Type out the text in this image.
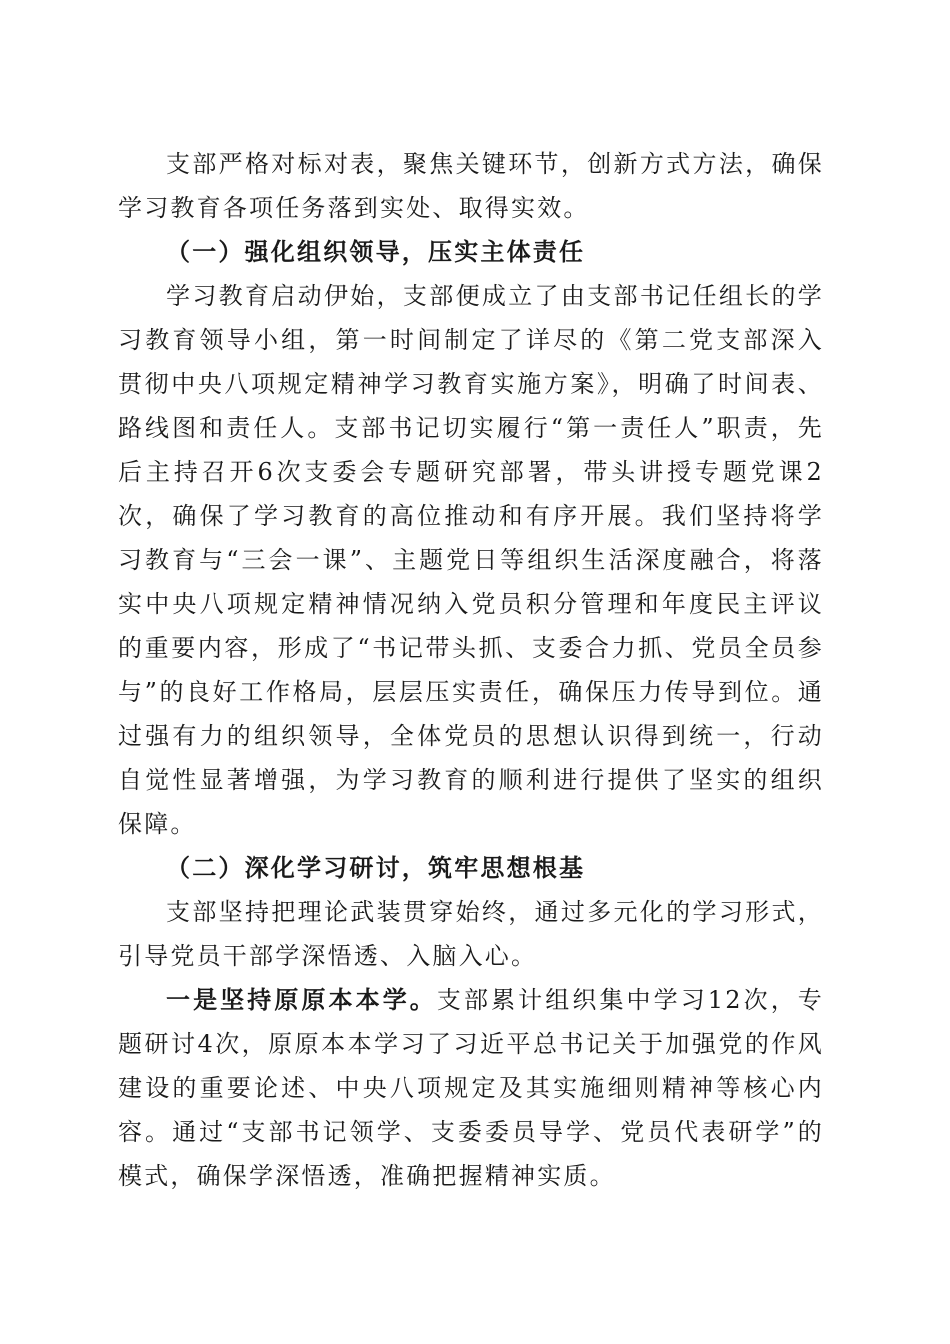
支部严格对标对表，聚焦关键环节，创新方式方法，确保学习教育各项任务落到实处、取得实效。

（一）强化组织领导，压实主体责任

学习教育启动伊始，支部便成立了由支部书记任组长的学习教育领导小组，第一时间制定了详尽的《第二党支部深入贯彻中央八项规定精神学习教育实施方案》，明确了时间表、路线图和责任人。支部书记切实履行“第一责任人”职责，先后主持召开6次支委会专题研究部署，带头讲授专题党课2次，确保了学习教育的高位推动和有序开展。我们坚持将学习教育与“三会一课”、主题党日等组织生活深度融合，将落实中央八项规定精神情况纳入党员积分管理和年度民主评议的重要内容，形成了“书记带头抓、支委合力抓、党员全员参与”的良好工作格局，层层压实责任，确保压力传导到位。通过强有力的组织领导，全体党员的思想认识得到统一，行动自觉性显著增强，为学习教育的顺利进行提供了坚实的组织保障。

（二）深化学习研讨，筑牢思想根基

支部坚持把理论武装贯穿始终，通过多元化的学习形式，引导党员干部学深悟透、入脑入心。

一是坚持原原本本学。支部累计组织集中学习12次，专题研讨4次，原原本本学习了习近平总书记关于加强党的作风建设的重要论述、中央八项规定及其实施细则精神等核心内容。通过“支部书记领学、支委委员导学、党员代表研学”的模式，确保学深悟透，准确把握精神实质。
